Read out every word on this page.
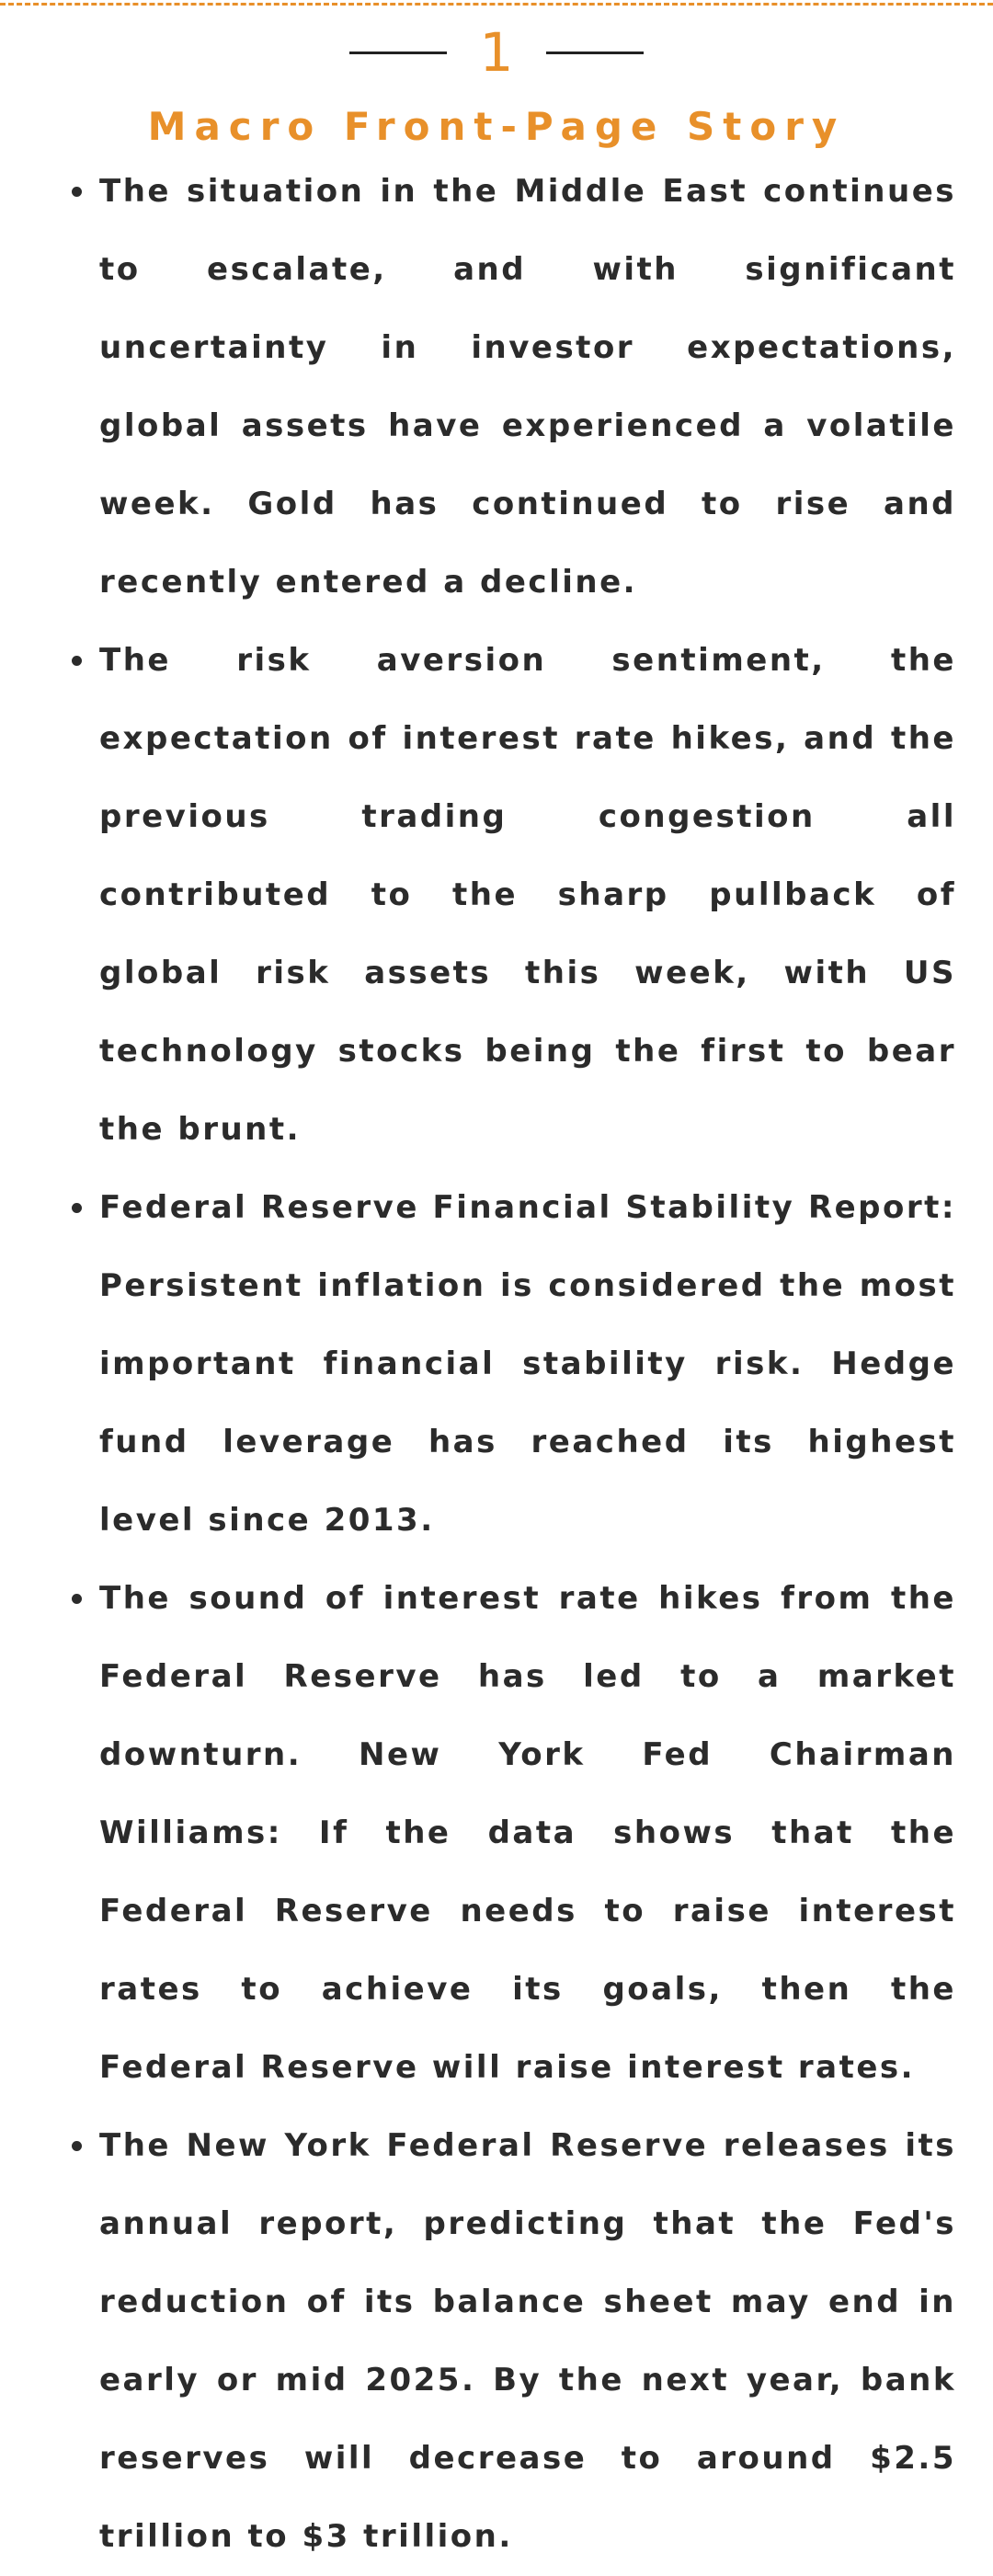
1
Macro Front-Page Story
The situation in the Middle East continues to escalate, and with significant uncertainty in investor expectations, global assets have experienced a volatile week. Gold has continued to rise and recently entered a decline.
The risk aversion sentiment, the expectation of interest rate hikes, and the previous trading congestion all contributed to the sharp pullback of global risk assets this week, with US technology stocks being the first to bear the brunt.
Federal Reserve Financial Stability Report: Persistent inflation is considered the most important financial stability risk. Hedge fund leverage has reached its highest level since 2013.
The sound of interest rate hikes from the Federal Reserve has led to a market downturn. New York Fed Chairman Williams: If the data shows that the Federal Reserve needs to raise interest rates to achieve its goals, then the Federal Reserve will raise interest rates.
The New York Federal Reserve releases its annual report, predicting that the Fed's reduction of its balance sheet may end in early or mid 2025. By the next year, bank reserves will decrease to around $2.5 trillion to $3 trillion.
